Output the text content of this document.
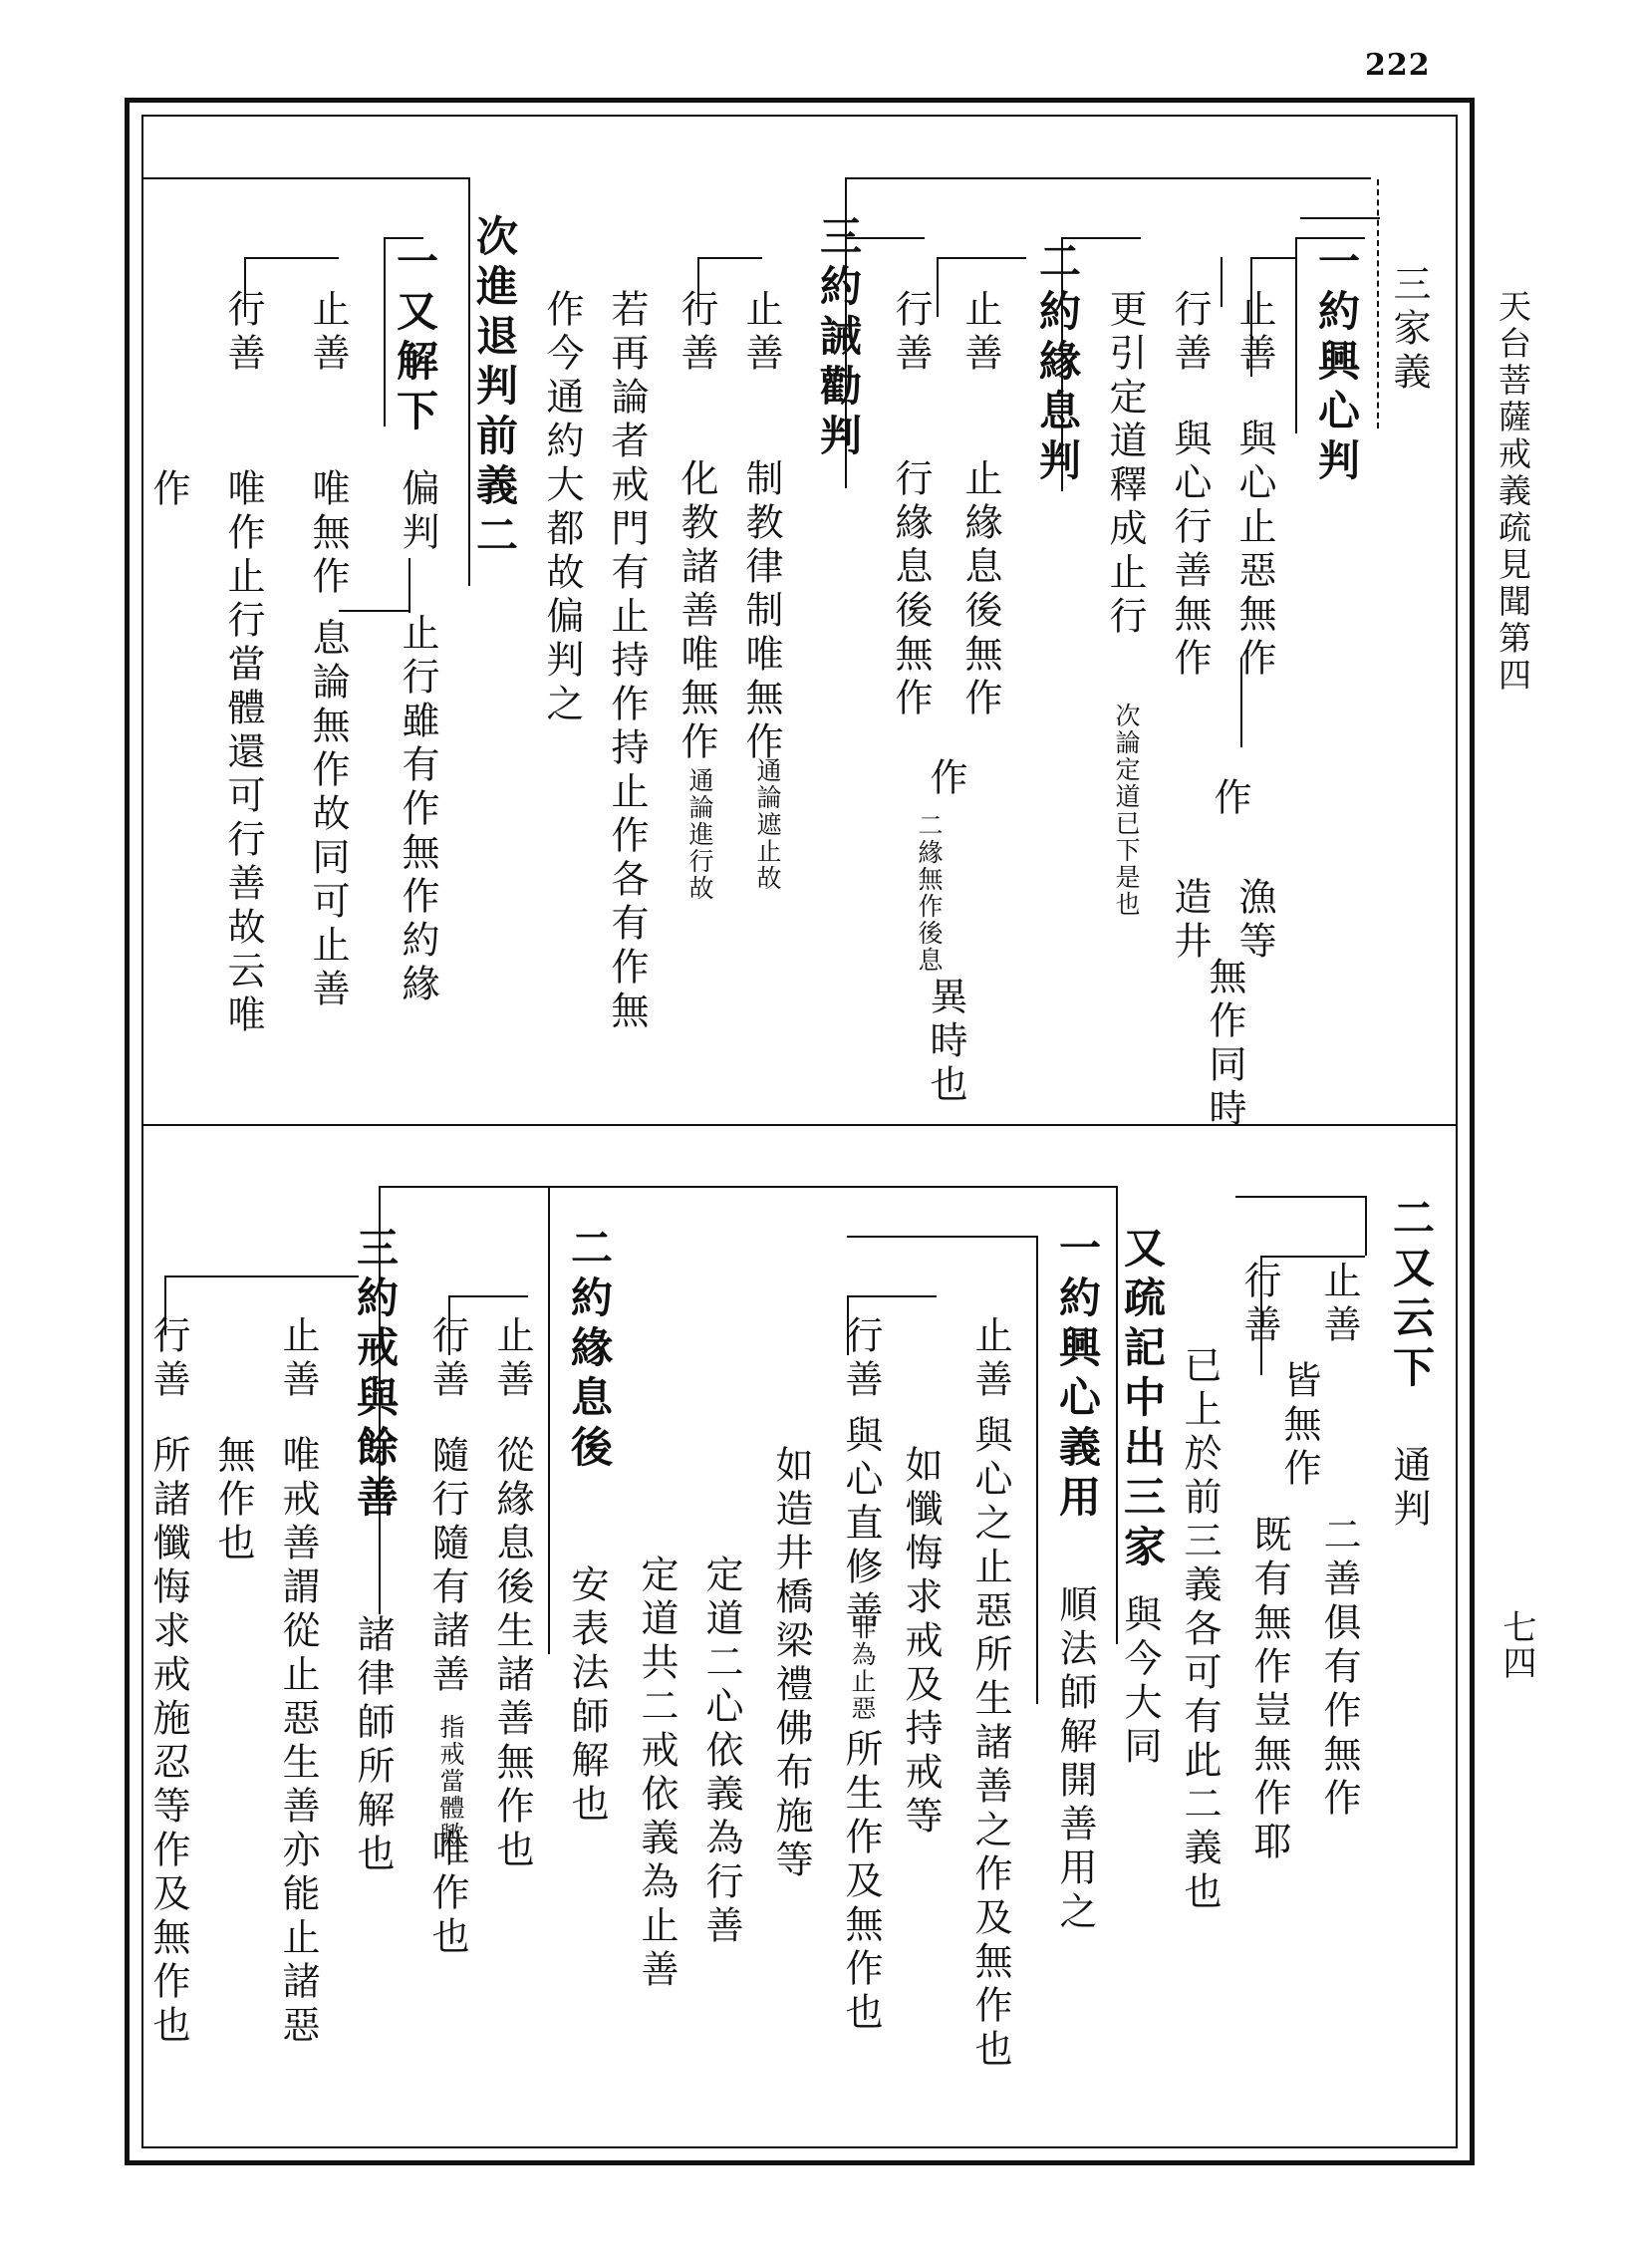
222
天台菩薩戒義疏見聞第四
七四
三家義
一約興心判
止善
與心止惡無作
行善
與心行善無作
作
漁等
造井
無作同時
更引定道釋成止行
次論定道已下是也
二約緣息判
止善
止緣息後無作
行善
行緣息後無作
作
二緣無作後息
異時也
三約誡勸判
止善
制教律制唯無作
通論遮止故
行善
化教諸善唯無作
通論進行故
若再論者戒門有止持作持止作各有作無
作今通約大都故偏判之
次進退判前義二
一又解下
偏判
止行雖有作無作約緣
止善
唯無作
息論無作故同可止善
行善
唯作止行當體還可行善故云唯
作
二又云下
通判
止善
行善
皆無作
二善俱有作無作
既有無作豈無作耶
已上於前三義各可有此二義也
又疏記中出三家
與今大同
一約興心義用
順法師解開善用之
止善
與心之止惡所生諸善之作及無作也
如懺悔求戒及持戒等
行善
與心直修善
非為止惡
所生作及無作也
如造井橋梁禮佛布施等
定道二心依義為行善
定道共二戒依義為止善
二約緣息後
安表法師解也
止善
從緣息後生諸善無作也
行善
隨行隨有諸善
指戒當體歟
唯作也
三約戒與餘善
諸律師所解也
止善
唯戒善謂從止惡生善亦能止諸惡
無作也
行善
所諸懺悔求戒施忍等作及無作也
